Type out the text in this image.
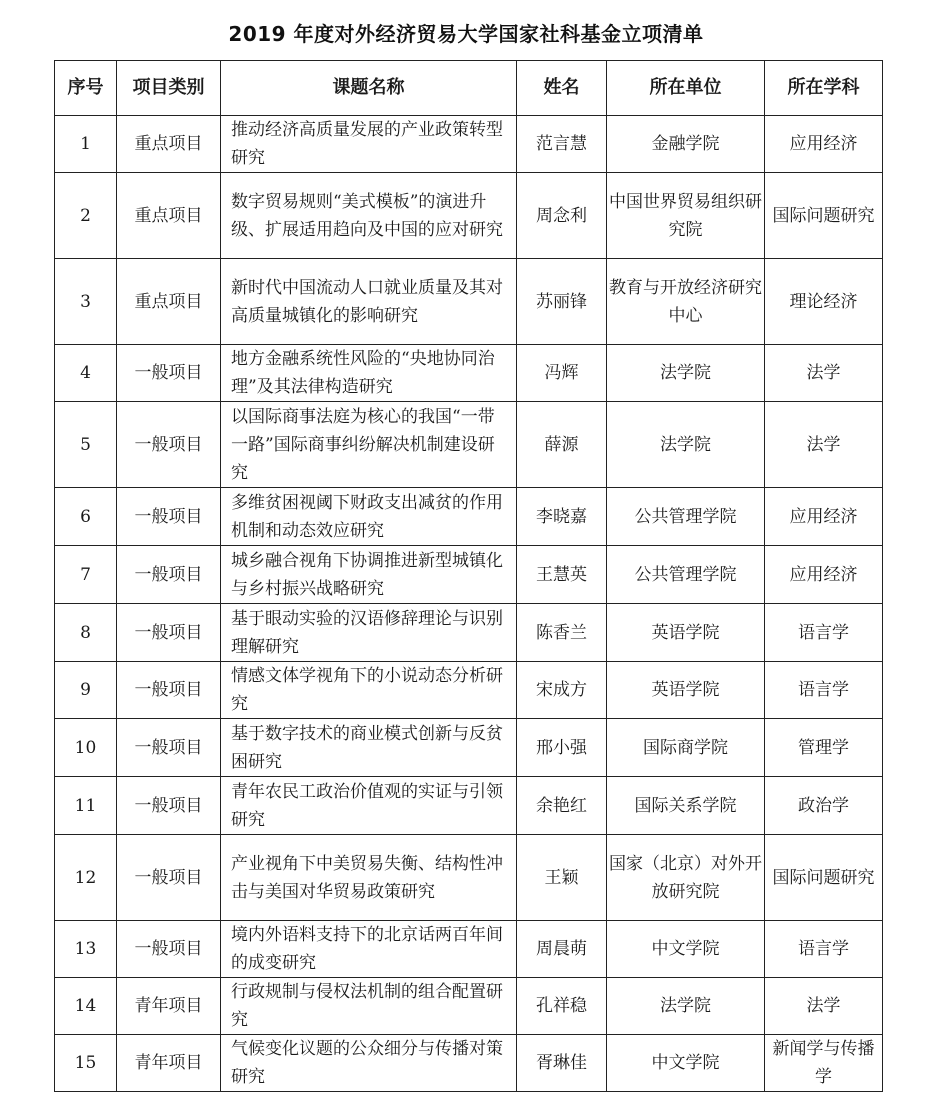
2019 年度对外经济贸易大学国家社科基金立项清单
序号	项目类别	课题名称	姓名	所在单位	所在学科
1	重点项目	推动经济高质量发展的产业政策转型研究	范言慧	金融学院	应用经济
2	重点项目	数字贸易规则“美式模板”的演进升级、扩展适用趋向及中国的应对研究	周念利	中国世界贸易组织研究院	国际问题研究
3	重点项目	新时代中国流动人口就业质量及其对高质量城镇化的影响研究	苏丽锋	教育与开放经济研究中心	理论经济
4	一般项目	地方金融系统性风险的“央地协同治理”及其法律构造研究	冯辉	法学院	法学
5	一般项目	以国际商事法庭为核心的我国“一带一路”国际商事纠纷解决机制建设研究	薛源	法学院	法学
6	一般项目	多维贫困视阈下财政支出减贫的作用机制和动态效应研究	李晓嘉	公共管理学院	应用经济
7	一般项目	城乡融合视角下协调推进新型城镇化与乡村振兴战略研究	王慧英	公共管理学院	应用经济
8	一般项目	基于眼动实验的汉语修辞理论与识别理解研究	陈香兰	英语学院	语言学
9	一般项目	情感文体学视角下的小说动态分析研究	宋成方	英语学院	语言学
10	一般项目	基于数字技术的商业模式创新与反贫困研究	邢小强	国际商学院	管理学
11	一般项目	青年农民工政治价值观的实证与引领研究	余艳红	国际关系学院	政治学
12	一般项目	产业视角下中美贸易失衡、结构性冲击与美国对华贸易政策研究	王颖	国家（北京）对外开放研究院	国际问题研究
13	一般项目	境内外语料支持下的北京话两百年间的成变研究	周晨萌	中文学院	语言学
14	青年项目	行政规制与侵权法机制的组合配置研究	孔祥稳	法学院	法学
15	青年项目	气候变化议题的公众细分与传播对策研究	胥琳佳	中文学院	新闻学与传播学
